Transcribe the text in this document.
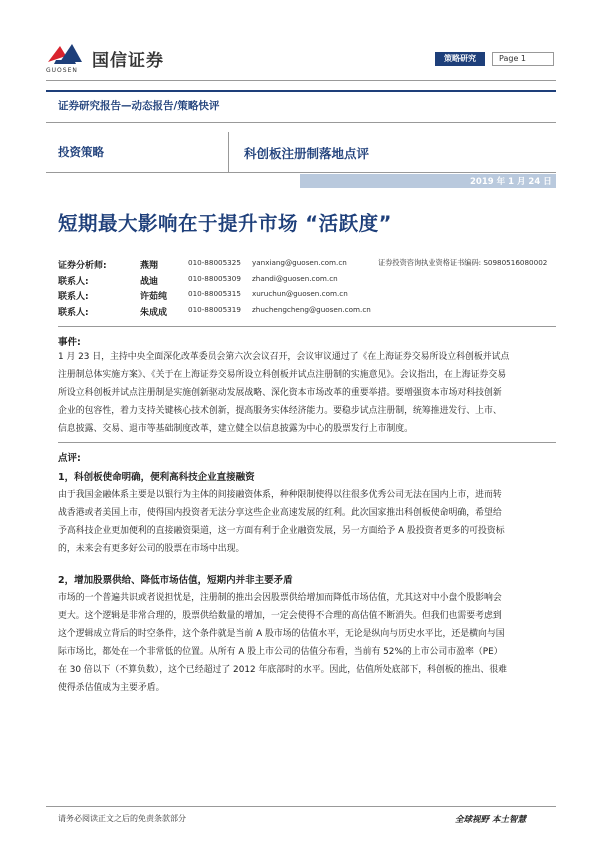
国信证券
GUOSEN
策略研究	Page 1
证券研究报告—动态报告/策略快评
投资策略	科创板注册制落地点评
2019 年 1 月 24 日
短期最大影响在于提升市场 “活跃度”
证券分析师:	燕翔	010-88005325 yanxiang@guosen.com.cn	证券投资咨询执业资格证书编码: S0980516080002
联系人:	战迪	010-88005309 zhandi@guosen.com.cn
联系人:	许茹纯	010-88005315 xuruchun@guosen.com.cn
联系人:	朱成成	010-88005319 zhuchengcheng@guosen.com.cn
事件:
1 月 23 日，主持中央全面深化改革委员会第六次会议召开，会议审议通过了《在上海证券交易所设立科创板并试点
注册制总体实施方案》、《关于在上海证券交易所设立科创板并试点注册制的实施意见》。会议指出，在上海证券交易
所设立科创板并试点注册制是实施创新驱动发展战略、深化资本市场改革的重要举措。要增强资本市场对科技创新
企业的包容性，着力支持关键核心技术创新，提高服务实体经济能力。要稳步试点注册制，统筹推进发行、上市、
信息披露、交易、退市等基础制度改革，建立健全以信息披露为中心的股票发行上市制度。
点评:
1，科创板使命明确，便利高科技企业直接融资
由于我国金融体系主要是以银行为主体的间接融资体系，种种限制使得以往很多优秀公司无法在国内上市，进而转
战香港或者美国上市，使得国内投资者无法分享这些企业高速发展的红利。此次国家推出科创板使命明确，希望给
予高科技企业更加便利的直接融资渠道，这一方面有利于企业融资发展，另一方面给予 A 股投资者更多的可投资标
的，未来会有更多好公司的股票在市场中出现。
2，增加股票供给、降低市场估值，短期内并非主要矛盾
市场的一个普遍共识或者说担忧是，注册制的推出会因股票供给增加而降低市场估值，尤其这对中小盘个股影响会
更大。这个逻辑是非常合理的，股票供给数量的增加，一定会使得不合理的高估值不断消失。但我们也需要考虑到
这个逻辑成立背后的时空条件，这个条件就是当前 A 股市场的估值水平，无论是纵向与历史水平比，还是横向与国
际市场比，都处在一个非常低的位置。从所有 A 股上市公司的估值分布看，当前有 52%的上市公司市盈率（PE）
在 30 倍以下（不算负数），这个已经超过了 2012 年底部时的水平。因此，估值所处底部下，科创板的推出、很难
使得杀估值成为主要矛盾。
请务必阅读正文之后的免责条款部分	全球视野 本土智慧
